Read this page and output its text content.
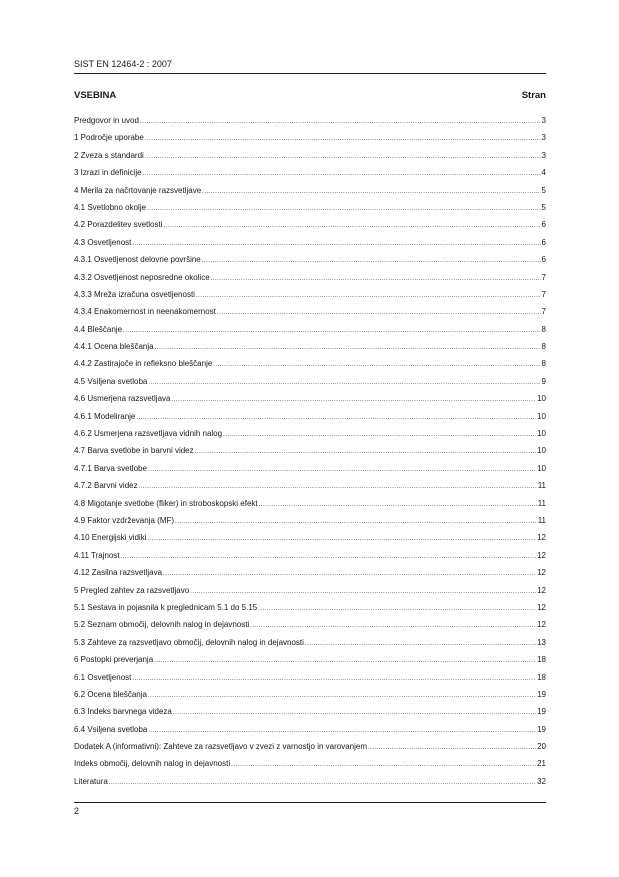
SIST EN 12464-2 : 2007
VSEBINA	Stran
Predgovor in uvod .....	3
1 Področje uporabe .....	3
2 Zveza s standardi .....	3
3 Izrazi in definicije .....	4
4 Merila za načrtovanje razsvetljave .....	5
4.1 Svetlobno okolje .....	5
4.2 Porazdelitev svetlosti .....	6
4.3 Osvetljenost .....	6
4.3.1 Osvetljenost delovne površine .....	6
4.3.2 Osvetljenost neposredne okolice .....	7
4.3.3 Mreža izračuna osvetljenosti .....	7
4.3.4 Enakomernost in neenakomernost .....	7
4.4 Bleščanje .....	8
4.4.1 Ocena bleščanja .....	8
4.4.2 Zastirajoče in refleksno bleščanje .....	8
4.5 Vsiljena svetloba .....	9
4.6 Usmerjena razsvetljava .....	10
4.6.1 Modeliranje .....	10
4.6.2 Usmerjena razsvetljava vidnih nalog .....	10
4.7 Barva svetlobe in barvni videz .....	10
4.7.1 Barva svetlobe .....	10
4.7.2 Barvni videz .....	11
4.8 Migotanje svetlobe (fliker) in stroboskopski efekt .....	11
4.9 Faktor vzdrževanja (MF) .....	11
4.10 Energijski vidiki .....	12
4.11 Trajnost .....	12
4.12 Zasilna razsvetljava .....	12
5 Pregled zahtev za razsvetljavo .....	12
5.1 Sestava in pojasnila k preglednicam 5.1 do 5.15 .....	12
5.2 Seznam območij, delovnih nalog in dejavnosti .....	12
5.3 Zahteve za razsvetljavo območij, delovnih nalog in dejavnosti .....	13
6 Postopki preverjanja .....	18
6.1 Osvetljenost .....	18
6.2 Ocena bleščanja .....	19
6.3 Indeks barvnega videza .....	19
6.4 Vsiljena svetloba .....	19
Dodatek A (informativni): Zahteve za razsvetljavo v zvezi z varnostjo in varovanjem .....	20
Indeks območij, delovnih nalog in dejavnosti .....	21
Literatura .....	32
2
